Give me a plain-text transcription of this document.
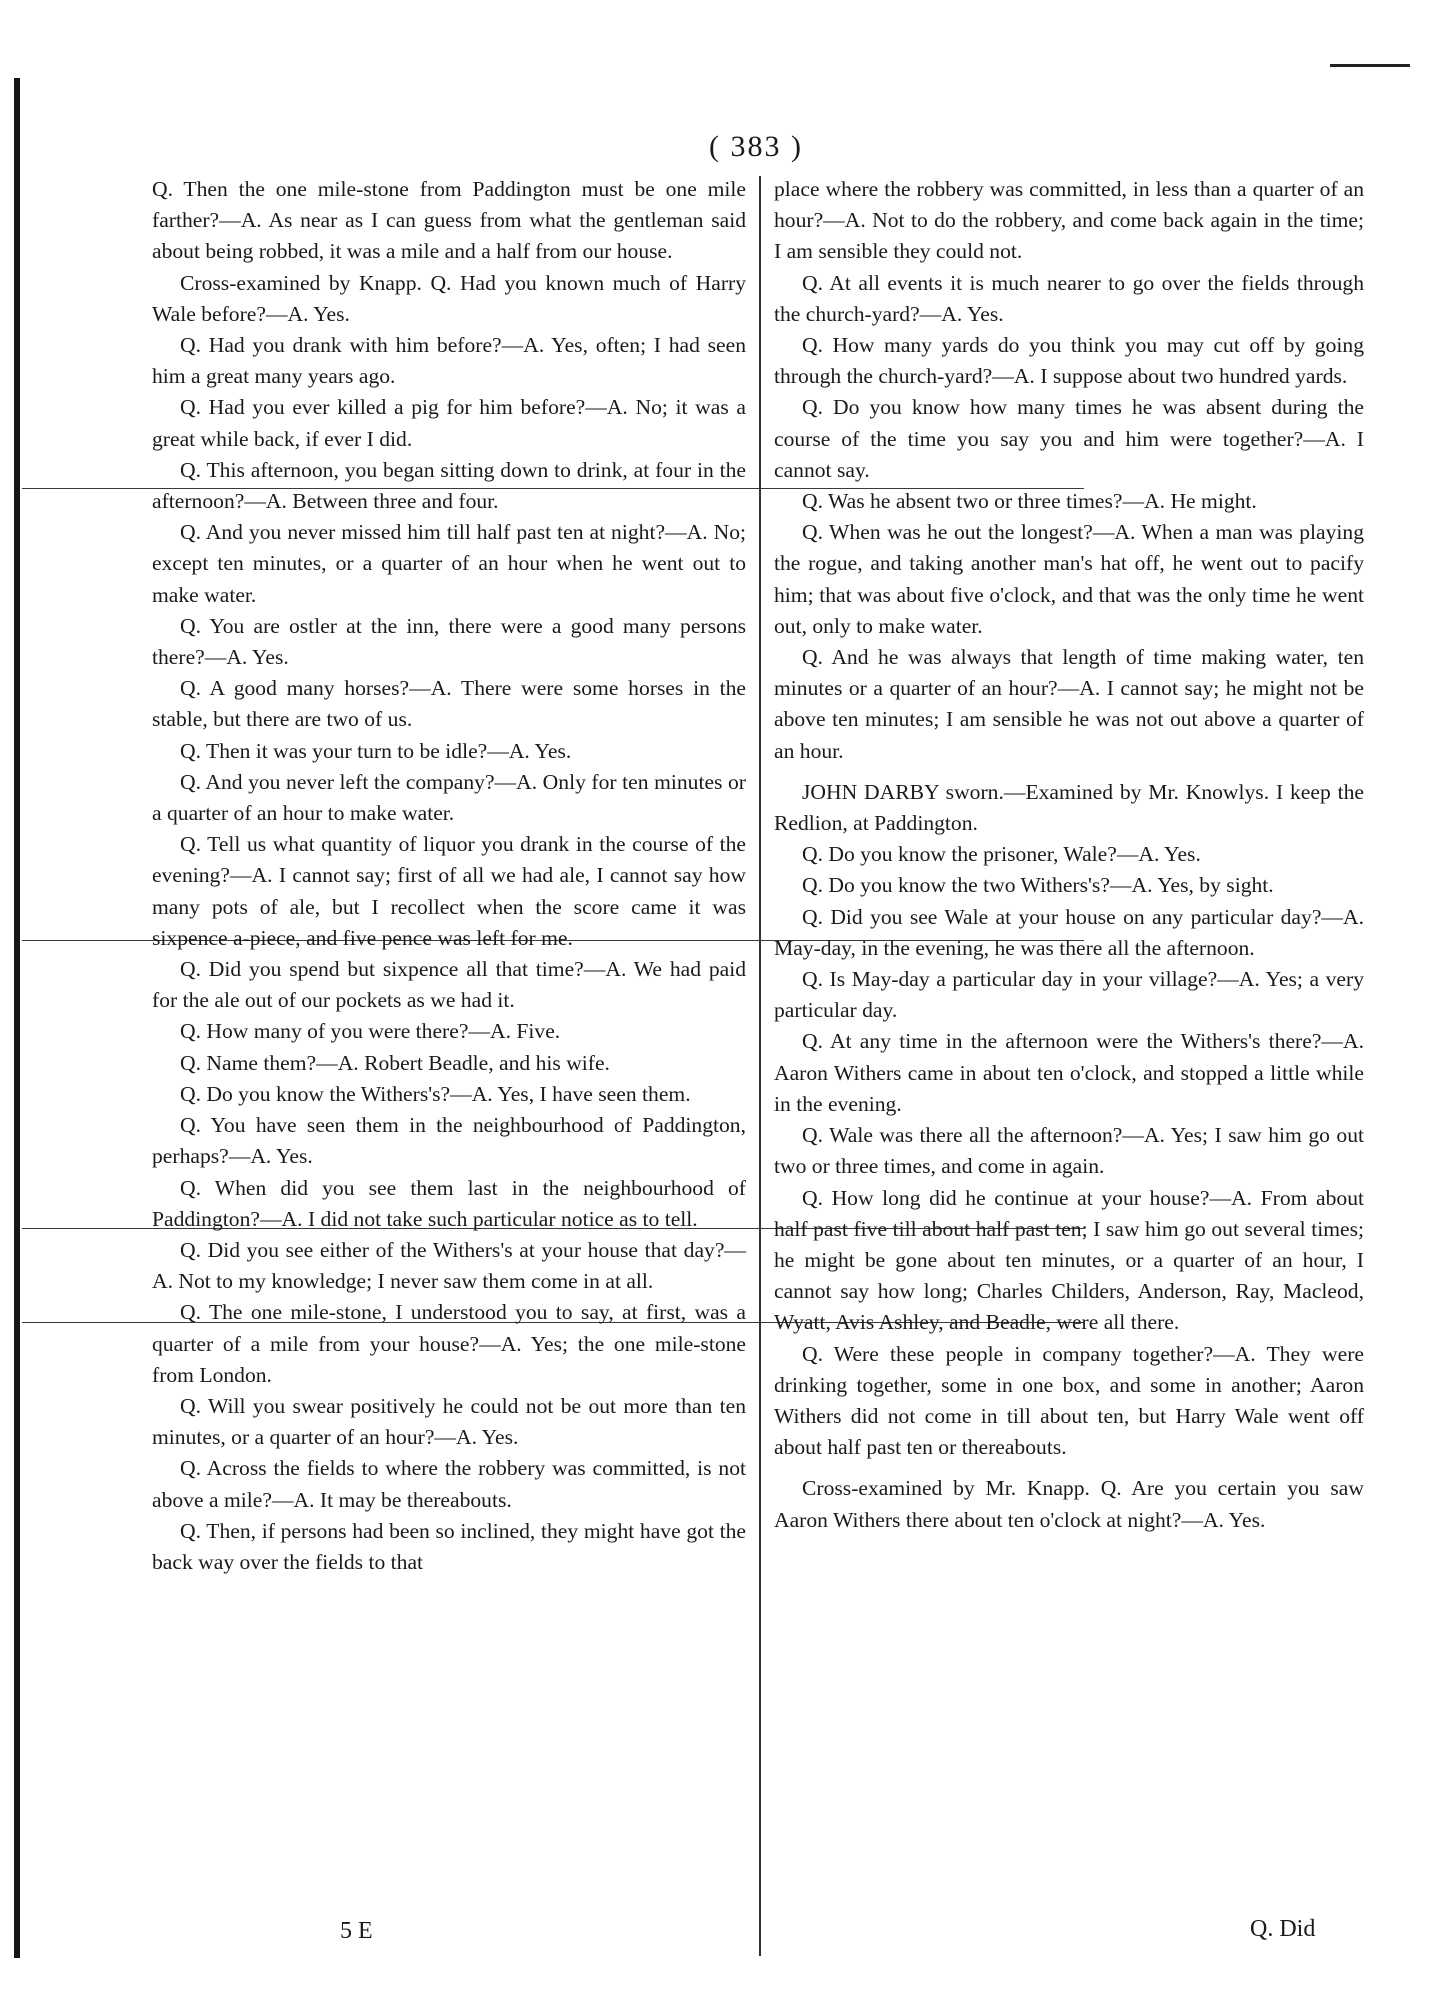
( 383 )

Q. Then the one mile-stone from Paddington must be one mile farther?—A. As near as I can guess from what the gentleman said about being robbed, it was a mile and a half from our house.

Cross-examined by Knapp. Q. Had you known much of Harry Wale before?—A. Yes.

Q. Had you drank with him before?—A. Yes, often; I had seen him a great many years ago.

Q. Had you ever killed a pig for him before?—A. No; it was a great while back, if ever I did.

Q. This afternoon, you began sitting down to drink, at four in the afternoon?—A. Between three and four.

Q. And you never missed him till half past ten at night?—A. No; except ten minutes, or a quarter of an hour when he went out to make water.

Q. You are ostler at the inn, there were a good many persons there?—A. Yes.

Q. A good many horses?—A. There were some horses in the stable, but there are two of us.

Q. Then it was your turn to be idle?—A. Yes.

Q. And you never left the company?—A. Only for ten minutes or a quarter of an hour to make water.

Q. Tell us what quantity of liquor you drank in the course of the evening?—A. I cannot say; first of all we had ale, I cannot say how many pots of ale, but I recollect when the score came it was sixpence a-piece, and five pence was left for me.

Q. Did you spend but sixpence all that time?—A. We had paid for the ale out of our pockets as we had it.

Q. How many of you were there?—A. Five.

Q. Name them?—A. Robert Beadle, and his wife.

Q. Do you know the Withers's?—A. Yes, I have seen them.

Q. You have seen them in the neighbourhood of Paddington, perhaps?—A. Yes.

Q. When did you see them last in the neighbourhood of Paddington?—A. I did not take such particular notice as to tell.

Q. Did you see either of the Withers's at your house that day?—A. Not to my knowledge; I never saw them come in at all.

Q. The one mile-stone, I understood you to say, at first, was a quarter of a mile from your house?—A. Yes; the one mile-stone from London.

Q. Will you swear positively he could not be out more than ten minutes, or a quarter of an hour?—A. Yes.

Q. Across the fields to where the robbery was committed, is not above a mile?—A. It may be thereabouts.

Q. Then, if persons had been so inclined, they might have got the back way over the fields to that

place where the robbery was committed, in less than a quarter of an hour?—A. Not to do the robbery, and come back again in the time; I am sensible they could not.

Q. At all events it is much nearer to go over the fields through the church-yard?—A. Yes.

Q. How many yards do you think you may cut off by going through the church-yard?—A. I suppose about two hundred yards.

Q. Do you know how many times he was absent during the course of the time you say you and him were together?—A. I cannot say.

Q. Was he absent two or three times?—A. He might.

Q. When was he out the longest?—A. When a man was playing the rogue, and taking another man's hat off, he went out to pacify him; that was about five o'clock, and that was the only time he went out, only to make water.

Q. And he was always that length of time making water, ten minutes or a quarter of an hour?—A. I cannot say; he might not be above ten minutes; I am sensible he was not out above a quarter of an hour.

JOHN DARBY sworn.—Examined by Mr. Knowlys. I keep the Redlion, at Paddington.

Q. Do you know the prisoner, Wale?—A. Yes.

Q. Do you know the two Withers's?—A. Yes, by sight.

Q. Did you see Wale at your house on any particular day?—A. May-day, in the evening, he was there all the afternoon.

Q. Is May-day a particular day in your village?—A. Yes; a very particular day.

Q. At any time in the afternoon were the Withers's there?—A. Aaron Withers came in about ten o'clock, and stopped a little while in the evening.

Q. Wale was there all the afternoon?—A. Yes; I saw him go out two or three times, and come in again.

Q. How long did he continue at your house?—A. From about half past five till about half past ten; I saw him go out several times; he might be gone about ten minutes, or a quarter of an hour, I cannot say how long; Charles Childers, Anderson, Ray, Macleod, Wyatt, Avis Ashley, and Beadle, were all there.

Q. Were these people in company together?—A. They were drinking together, some in one box, and some in another; Aaron Withers did not come in till about ten, but Harry Wale went off about half past ten or thereabouts.

Cross-examined by Mr. Knapp. Q. Are you certain you saw Aaron Withers there about ten o'clock at night?—A. Yes.

5 E	Q. Did
